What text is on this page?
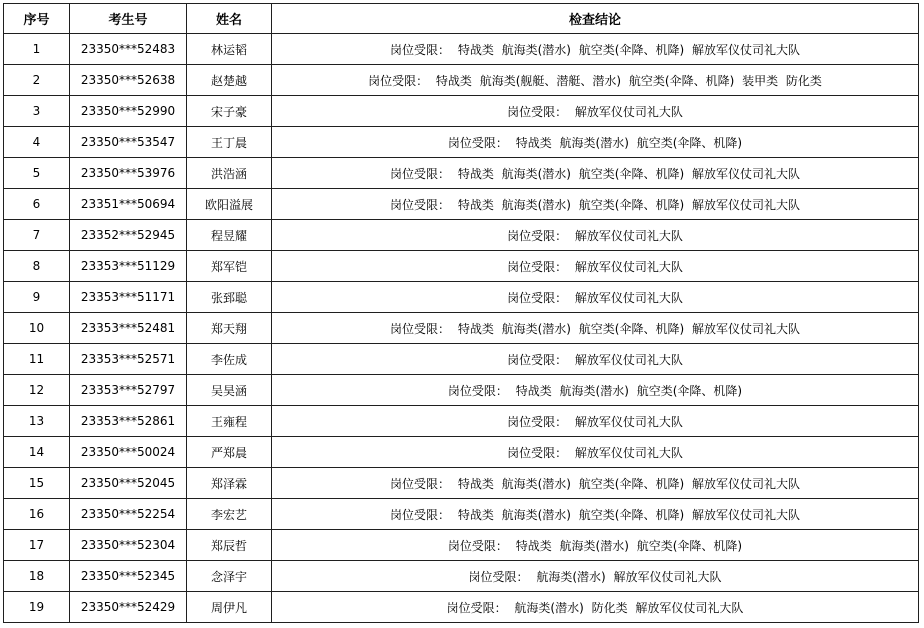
序号	考生号	姓名	检查结论
1	23350***52483	林运韬	岗位受限： 特战类 航海类(潜水) 航空类(伞降、机降) 解放军仪仗司礼大队
2	23350***52638	赵楚越	岗位受限： 特战类 航海类(舰艇、潜艇、潜水) 航空类(伞降、机降) 装甲类 防化类
3	23350***52990	宋子豪	岗位受限： 解放军仪仗司礼大队
4	23350***53547	王丁晨	岗位受限： 特战类 航海类(潜水) 航空类(伞降、机降)
5	23350***53976	洪浩涵	岗位受限： 特战类 航海类(潜水) 航空类(伞降、机降) 解放军仪仗司礼大队
6	23351***50694	欧阳溢展	岗位受限： 特战类 航海类(潜水) 航空类(伞降、机降) 解放军仪仗司礼大队
7	23352***52945	程昱耀	岗位受限： 解放军仪仗司礼大队
8	23353***51129	郑军铠	岗位受限： 解放军仪仗司礼大队
9	23353***51171	张郅聪	岗位受限： 解放军仪仗司礼大队
10	23353***52481	郑天翔	岗位受限： 特战类 航海类(潜水) 航空类(伞降、机降) 解放军仪仗司礼大队
11	23353***52571	李佐成	岗位受限： 解放军仪仗司礼大队
12	23353***52797	吴昊涵	岗位受限： 特战类 航海类(潜水) 航空类(伞降、机降)
13	23353***52861	王雍程	岗位受限： 解放军仪仗司礼大队
14	23350***50024	严郑晨	岗位受限： 解放军仪仗司礼大队
15	23350***52045	郑泽霖	岗位受限： 特战类 航海类(潜水) 航空类(伞降、机降) 解放军仪仗司礼大队
16	23350***52254	李宏艺	岗位受限： 特战类 航海类(潜水) 航空类(伞降、机降) 解放军仪仗司礼大队
17	23350***52304	郑辰哲	岗位受限： 特战类 航海类(潜水) 航空类(伞降、机降)
18	23350***52345	念泽宇	岗位受限： 航海类(潜水) 解放军仪仗司礼大队
19	23350***52429	周伊凡	岗位受限： 航海类(潜水) 防化类 解放军仪仗司礼大队
